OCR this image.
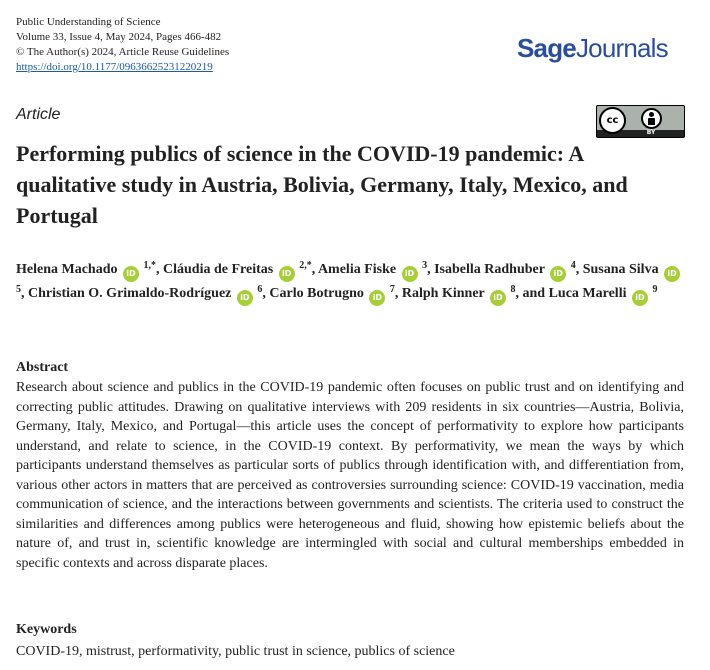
Public Understanding of Science
Volume 33, Issue 4, May 2024, Pages 466-482
© The Author(s) 2024, Article Reuse Guidelines
https://doi.org/10.1177/09636625231220219
SageJournals
Article	cc
BY
Performing publics of science in the COVID-19 pandemic: A qualitative study in Austria, Bolivia, Germany, Italy, Mexico, and Portugal
Helena Machado iD $^{1,*}$, Cláudia de Freitas iD $^{2,*}$, Amelia Fiske iD $^3$, Isabella Radhuber iD $^4$, Susana Silva iD $^5$, Christian O. Grimaldo-Rodríguez iD $^6$, Carlo Botrugno iD $^7$, Ralph Kinner iD $^8$, and Luca Marelli iD $^9$
Abstract

Research about science and publics in the COVID-19 pandemic often focuses on public trust and on identifying and correcting public attitudes. Drawing on qualitative interviews with 209 residents in six countries—Austria, Bolivia, Germany, Italy, Mexico, and Portugal—this article uses the concept of performativity to explore how participants understand, and relate to science, in the COVID-19 context. By performativity, we mean the ways by which participants understand themselves as particular sorts of publics through identification with, and differentiation from, various other actors in matters that are perceived as controversies surrounding science: COVID-19 vaccination, media communication of science, and the interactions between governments and scientists. The criteria used to construct the similarities and differences among publics were heterogeneous and fluid, showing how epistemic beliefs about the nature of, and trust in, scientific knowledge are intermingled with social and cultural memberships embedded in specific contexts and across disparate places.

Keywords
COVID-19, mistrust, performativity, public trust in science, publics of science
